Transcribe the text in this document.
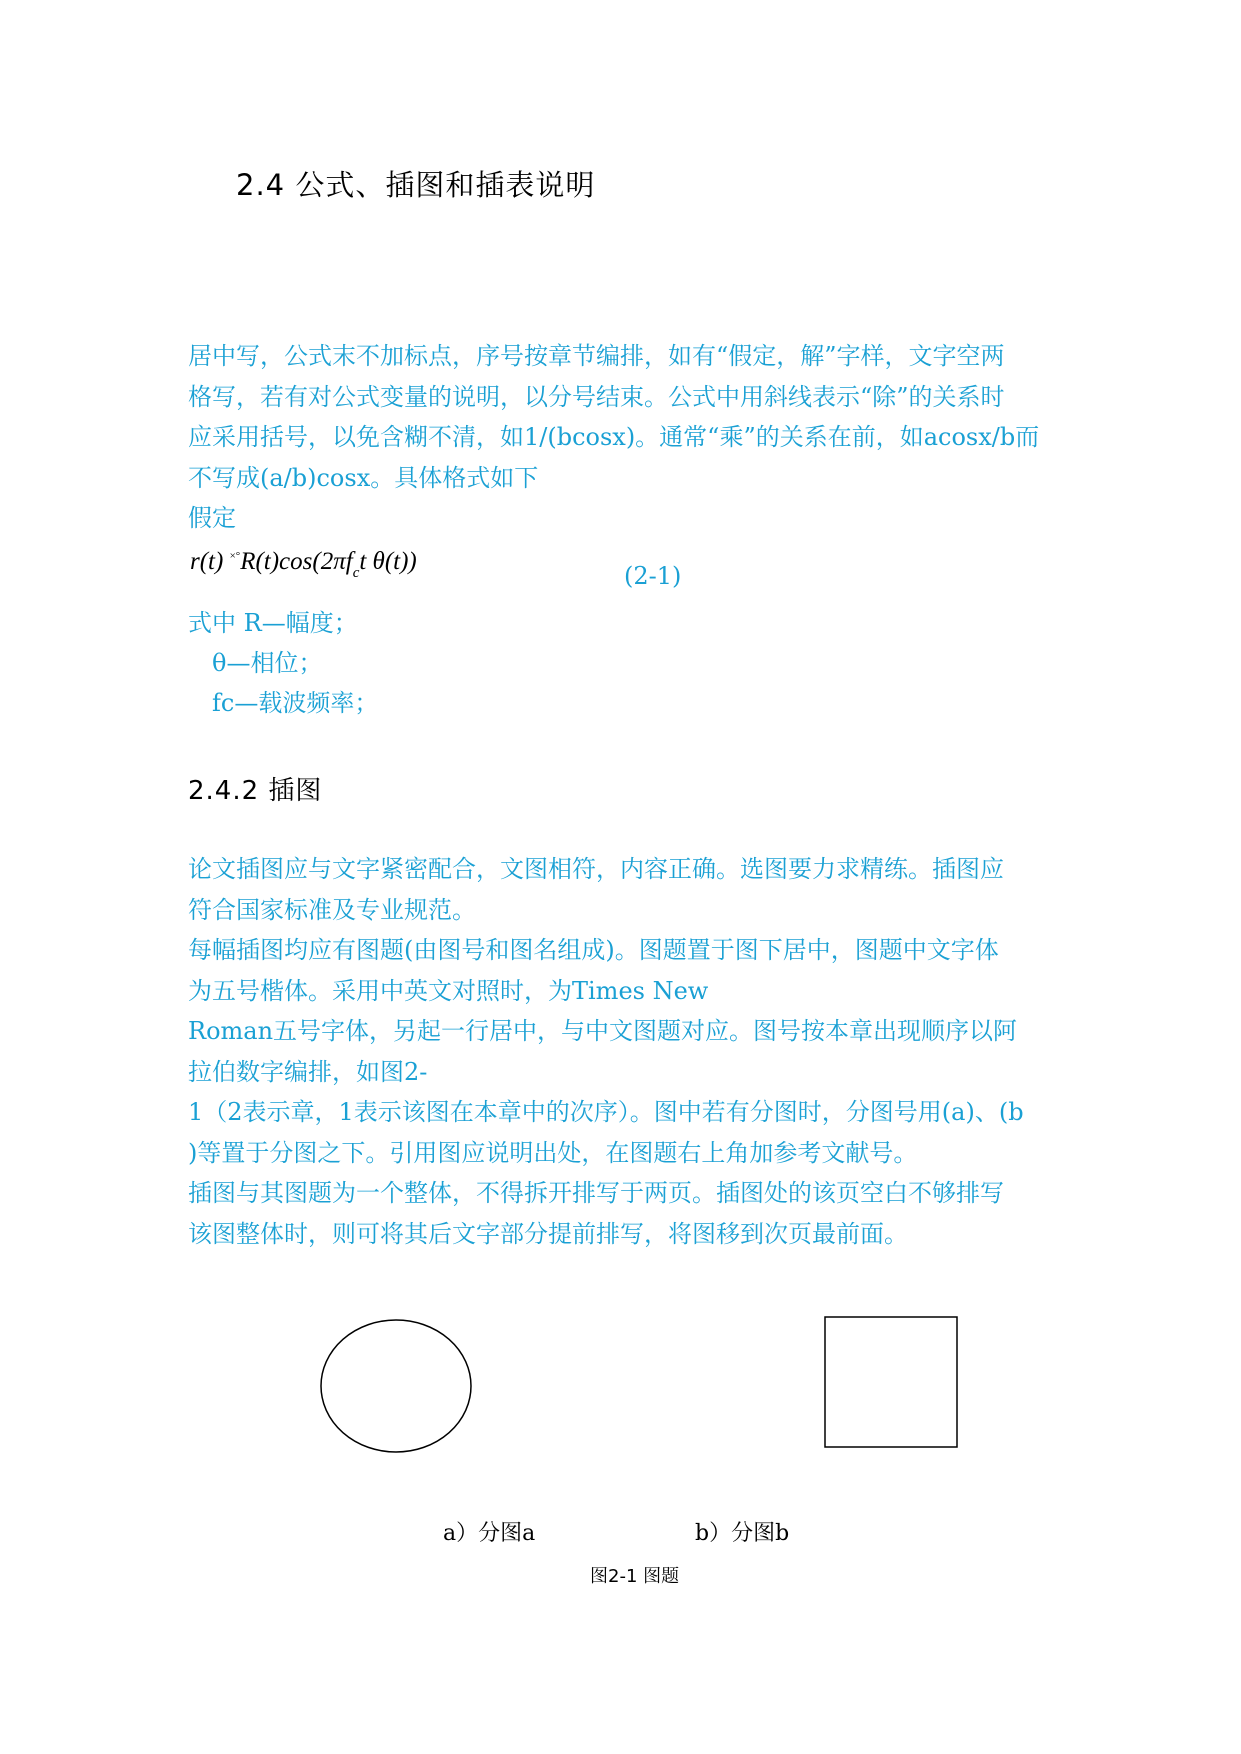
2.4 公式、插图和插表说明
居中写，公式末不加标点，序号按章节编排，如有“假定，解”字样，文字空两
格写，若有对公式变量的说明，以分号结束。公式中用斜线表示“除”的关系时
应采用括号，以免含糊不清，如1/(bcosx)。通常“乘”的关系在前，如acosx/b而
不写成(a/b)cosx。具体格式如下
假定
r(t) $^{\times^\circ}R(t)\cos(2\pi f_ct$ θ(t))
(2-1)
式中 R—幅度；
θ—相位；
fc—载波频率；
2.4.2 插图
论文插图应与文字紧密配合，文图相符，内容正确。选图要力求精练。插图应
符合国家标准及专业规范。
每幅插图均应有图题(由图号和图名组成)。图题置于图下居中，图题中文字体
为五号楷体。采用中英文对照时，为Times New
Roman五号字体，另起一行居中，与中文图题对应。图号按本章出现顺序以阿
拉伯数字编排，如图2-
1（2表示章，1表示该图在本章中的次序）。图中若有分图时，分图号用(a)、(b
)等置于分图之下。引用图应说明出处，在图题右上角加参考文献号。
插图与其图题为一个整体，不得拆开排写于两页。插图处的该页空白不够排写
该图整体时，则可将其后文字部分提前排写，将图移到次页最前面。
a）分图a	b）分图b
图2-1 图题
